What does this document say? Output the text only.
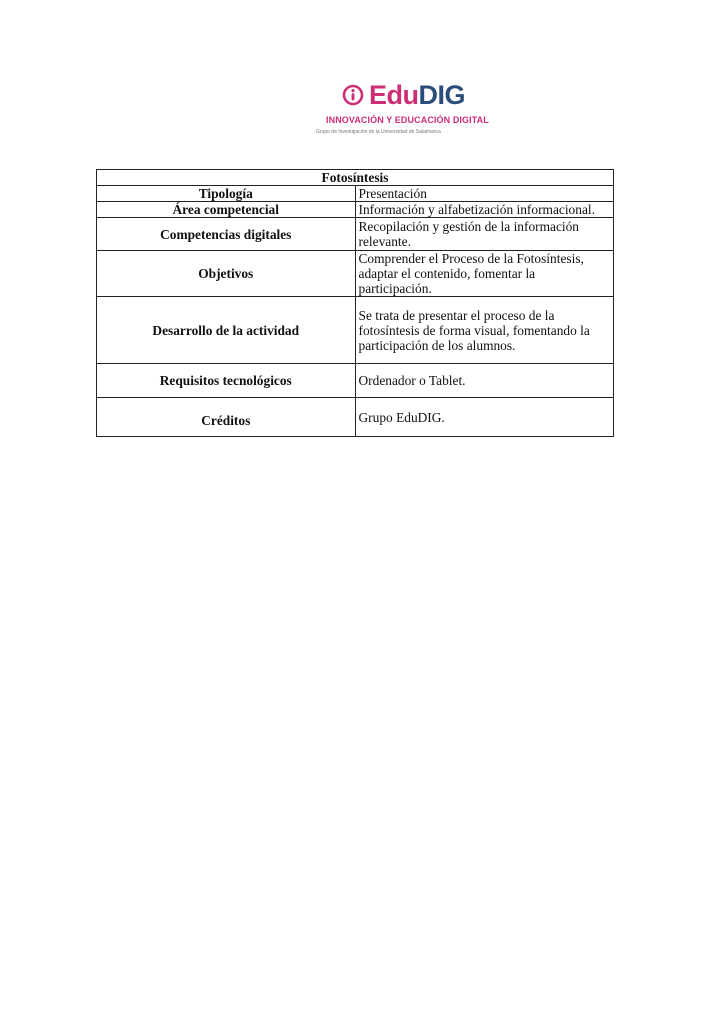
EduDIG
INNOVACIÓN Y EDUCACIÓN DIGITAL
Grupo de Investigación de la Universidad de Salamanca
Fotosíntesis	
Tipología	Presentación
Área competencial	Información y alfabetización informacional.
Competencias digitales	Recopilación y gestión de la información relevante.
Objetivos	Comprender el Proceso de la Fotosíntesis, adaptar el contenido, fomentar la participación.
Desarrollo de la actividad	Se trata de presentar el proceso de la fotosíntesis de forma visual, fomentando la participación de los alumnos.
Requisitos tecnológicos	Ordenador o Tablet.
Créditos	Grupo EduDIG.
